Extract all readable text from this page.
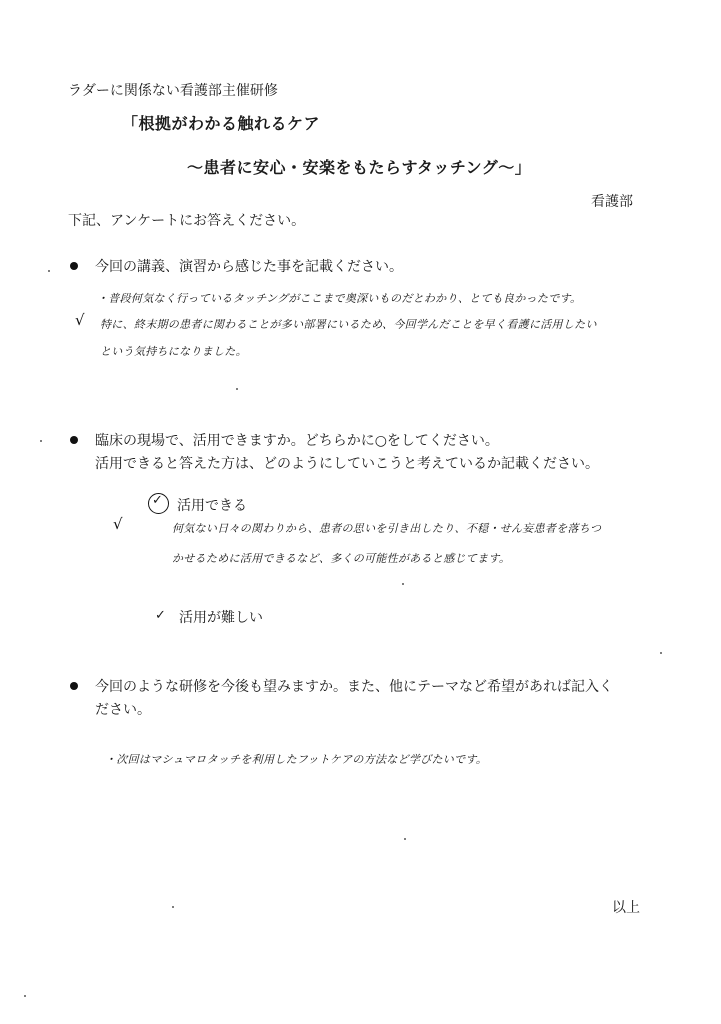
ラダーに関係ない看護部主催研修
「根拠がわかる触れるケア
～患者に安心・安楽をもたらすタッチング～」
看護部
下記、アンケートにお答えください。
今回の講義、演習から感じた事を記載ください。
・普段何気なく行っているタッチングがここまで奥深いものだとわかり、とても良かったです。
特に、終末期の患者に関わることが多い部署にいるため、今回学んだことを早く看護に活用したい
という気持ちになりました。
√
臨床の現場で、活用できますか。どちらかに○をしてください。
活用できると答えた方は、どのようにしていこうと考えているか記載ください。
✓ 活用できる
何気ない日々の関わりから、患者の思いを引き出したり、不穏・せん妄患者を落ちつ
かせるために活用できるなど、多くの可能性があると感じてます。
√
✓ 活用が難しい
今回のような研修を今後も望みますか。また、他にテーマなど希望があれば記入く
ださい。
・次回はマシュマロタッチを利用したフットケアの方法など学びたいです。
以上
